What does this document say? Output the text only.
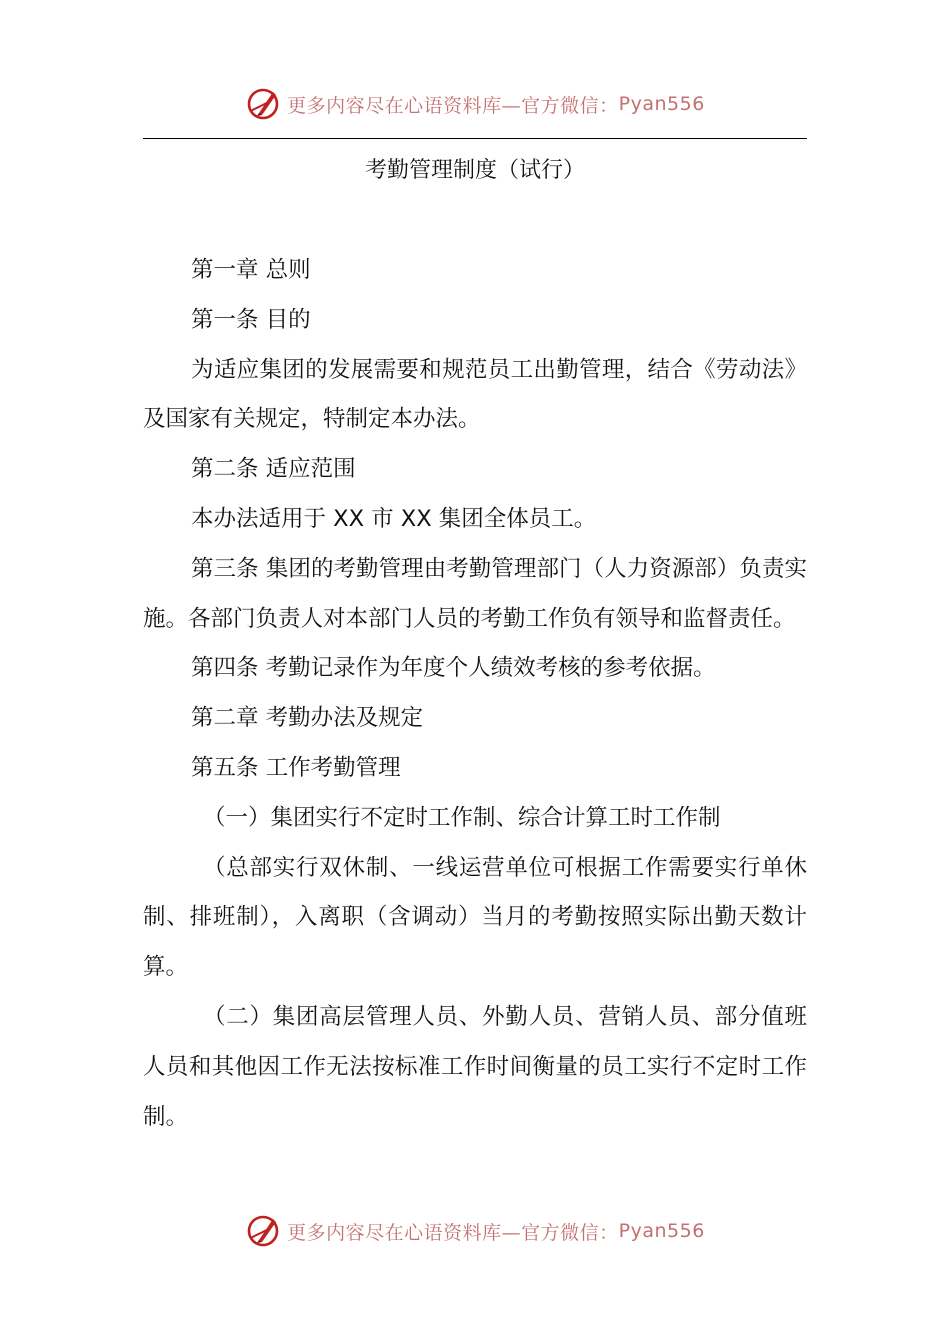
更多内容尽在心语资料库—官方微信： Pyan556
考勤管理制度（试行）

第一章 总则

第一条 目的

为适应集团的发展需要和规范员工出勤管理，结合《劳动法》及国家有关规定，特制定本办法。

第二条 适应范围

本办法适用于 XX 市 XX 集团全体员工。

第三条 集团的考勤管理由考勤管理部门（人力资源部）负责实施。各部门负责人对本部门人员的考勤工作负有领导和监督责任。

第四条 考勤记录作为年度个人绩效考核的参考依据。

第二章 考勤办法及规定

第五条 工作考勤管理

（一）集团实行不定时工作制、综合计算工时工作制

（总部实行双休制、一线运营单位可根据工作需要实行单休制、排班制），入离职（含调动）当月的考勤按照实际出勤天数计算。

（二）集团高层管理人员、外勤人员、营销人员、部分值班人员和其他因工作无法按标准工作时间衡量的员工实行不定时工作制。

更多内容尽在心语资料库—官方微信： Pyan556
